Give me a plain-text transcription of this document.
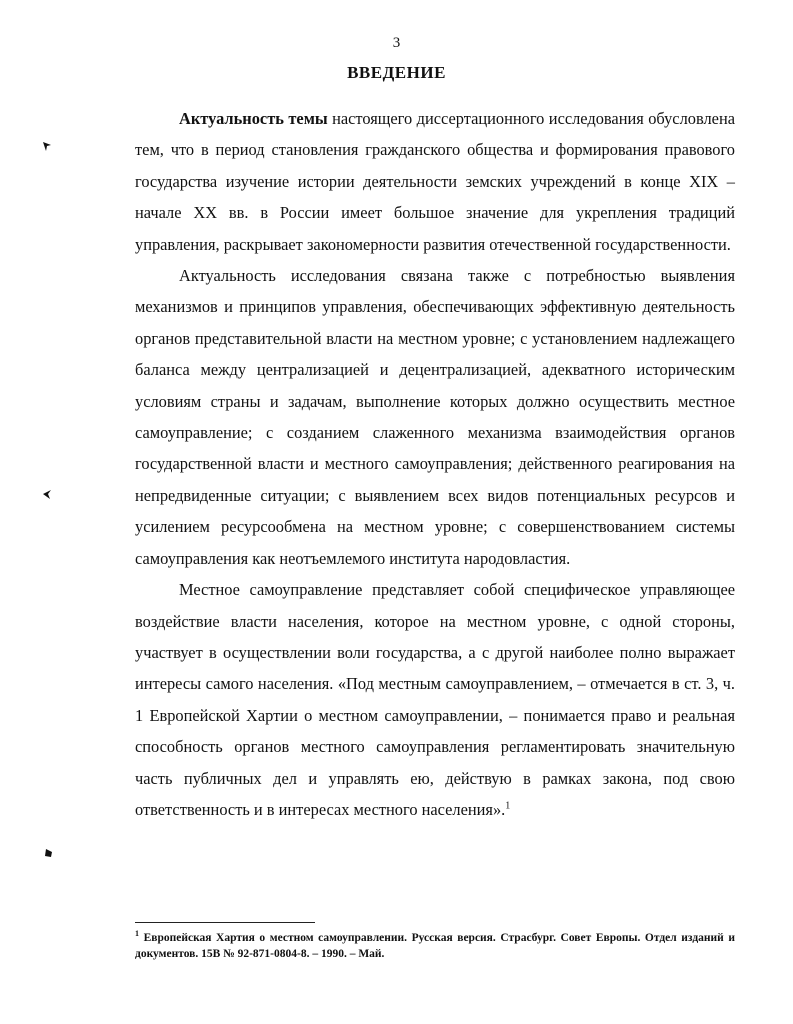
3
ВВЕДЕНИЕ

Актуальность темы настоящего диссертационного исследования обусловлена тем, что в период становления гражданского общества и формирования правового государства изучение истории деятельности земских учреждений в конце XIX – начале XX вв. в России имеет большое значение для укрепления традиций управления, раскрывает закономерности развития отечественной государственности.

Актуальность исследования связана также с потребностью выявления механизмов и принципов управления, обеспечивающих эффективную деятельность органов представительной власти на местном уровне; с установлением надлежащего баланса между централизацией и децентрализацией, адекватного историческим условиям страны и задачам, выполнение которых должно осуществить местное самоуправление; с созданием слаженного механизма взаимодействия органов государственной власти и местного самоуправления; действенного реагирования на непредвиденные ситуации; с выявлением всех видов потенциальных ресурсов и усилением ресурсообмена на местном уровне; с совершенствованием системы самоуправления как неотъемлемого института народовластия.

Местное самоуправление представляет собой специфическое управляющее воздействие власти населения, которое на местном уровне, с одной стороны, участвует в осуществлении воли государства, а с другой наиболее полно выражает интересы самого населения. «Под местным самоуправлением, – отмечается в ст. 3, ч. 1 Европейской Хартии о местном самоуправлении, – понимается право и реальная способность органов местного самоуправления регламентировать значительную часть публичных дел и управлять ею, действую в рамках закона, под свою ответственность и в интересах местного населения».$^1$

$^1$ Европейская Хартия о местном самоуправлении. Русская версия. Страсбург. Совет Европы. Отдел изданий и документов. 15В № 92-871-0804-8. – 1990. – Май.
